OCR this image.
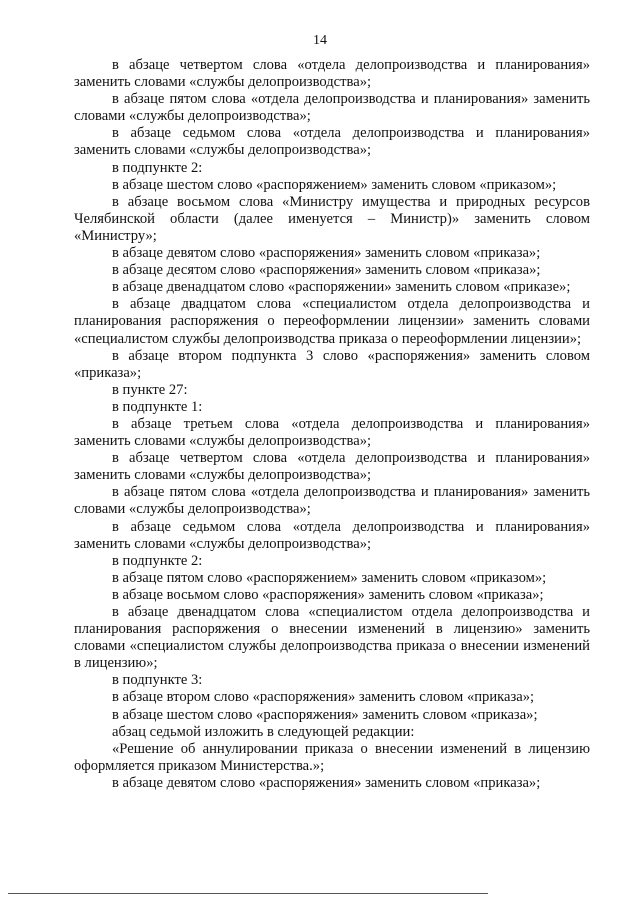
14

в абзаце четвертом слова «отдела делопроизводства и планирования» заменить словами «службы делопроизводства»;

в абзаце пятом слова «отдела делопроизводства и планирования» заменить словами «службы делопроизводства»;

в абзаце седьмом слова «отдела делопроизводства и планирования» заменить словами «службы делопроизводства»;

в подпункте 2:

в абзаце шестом слово «распоряжением» заменить словом «приказом»;

в абзаце восьмом слова «Министру имущества и природных ресурсов Челябинской области (далее именуется – Министр)» заменить словом «Министру»;

в абзаце девятом слово «распоряжения» заменить словом «приказа»;

в абзаце десятом слово «распоряжения» заменить словом «приказа»;

в абзаце двенадцатом слово «распоряжении» заменить словом «приказе»;

в абзаце двадцатом слова «специалистом отдела делопроизводства и планирования распоряжения о переоформлении лицензии» заменить словами «специалистом службы делопроизводства приказа о переоформлении лицензии»;

в абзаце втором подпункта 3 слово «распоряжения» заменить словом «приказа»;

в пункте 27:

в подпункте 1:

в абзаце третьем слова «отдела делопроизводства и планирования» заменить словами «службы делопроизводства»;

в абзаце четвертом слова «отдела делопроизводства и планирования» заменить словами «службы делопроизводства»;

в абзаце пятом слова «отдела делопроизводства и планирования» заменить словами «службы делопроизводства»;

в абзаце седьмом слова «отдела делопроизводства и планирования» заменить словами «службы делопроизводства»;

в подпункте 2:

в абзаце пятом слово «распоряжением» заменить словом «приказом»;

в абзаце восьмом слово «распоряжения» заменить словом «приказа»;

в абзаце двенадцатом слова «специалистом отдела делопроизводства и планирования распоряжения о внесении изменений в лицензию» заменить словами «специалистом службы делопроизводства приказа о внесении изменений в лицензию»;

в подпункте 3:

в абзаце втором слово «распоряжения» заменить словом «приказа»;

в абзаце шестом слово «распоряжения» заменить словом «приказа»;

абзац седьмой изложить в следующей редакции:

«Решение об аннулировании приказа о внесении изменений в лицензию оформляется приказом Министерства.»;

в абзаце девятом слово «распоряжения» заменить словом «приказа»;
